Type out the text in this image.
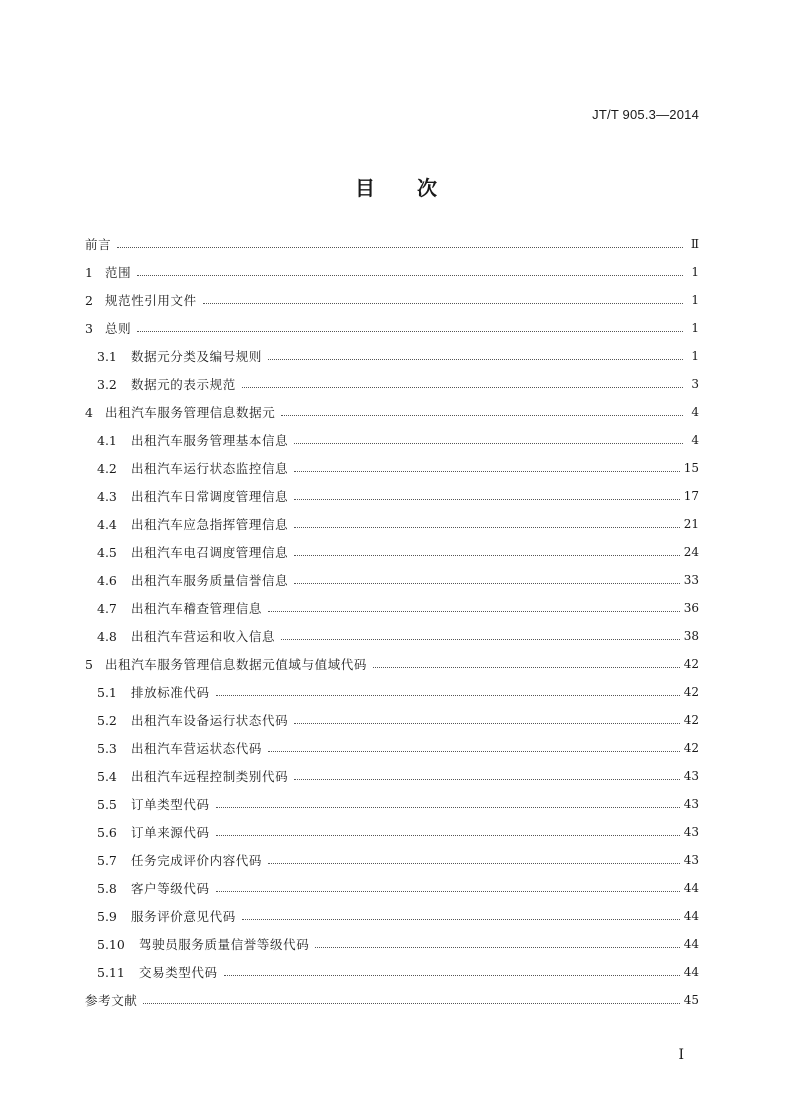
JT/T 905.3—2014
目 次
前言	Ⅱ
1 范围	1
2 规范性引用文件	1
3 总则	1
3.1	数据元分类及编号规则	1
3.2	数据元的表示规范	3
4 出租汽车服务管理信息数据元	4
4.1	出租汽车服务管理基本信息	4
4.2	出租汽车运行状态监控信息	15
4.3	出租汽车日常调度管理信息	17
4.4	出租汽车应急指挥管理信息	21
4.5	出租汽车电召调度管理信息	24
4.6	出租汽车服务质量信誉信息	33
4.7	出租汽车稽查管理信息	36
4.8	出租汽车营运和收入信息	38
5 出租汽车服务管理信息数据元值域与值域代码	42
5.1	排放标准代码	42
5.2	出租汽车设备运行状态代码	42
5.3	出租汽车营运状态代码	42
5.4	出租汽车远程控制类别代码	43
5.5	订单类型代码	43
5.6	订单来源代码	43
5.7	任务完成评价内容代码	43
5.8	客户等级代码	44
5.9	服务评价意见代码	44
5.10	驾驶员服务质量信誉等级代码	44
5.11	交易类型代码	44
参考文献	45
I
